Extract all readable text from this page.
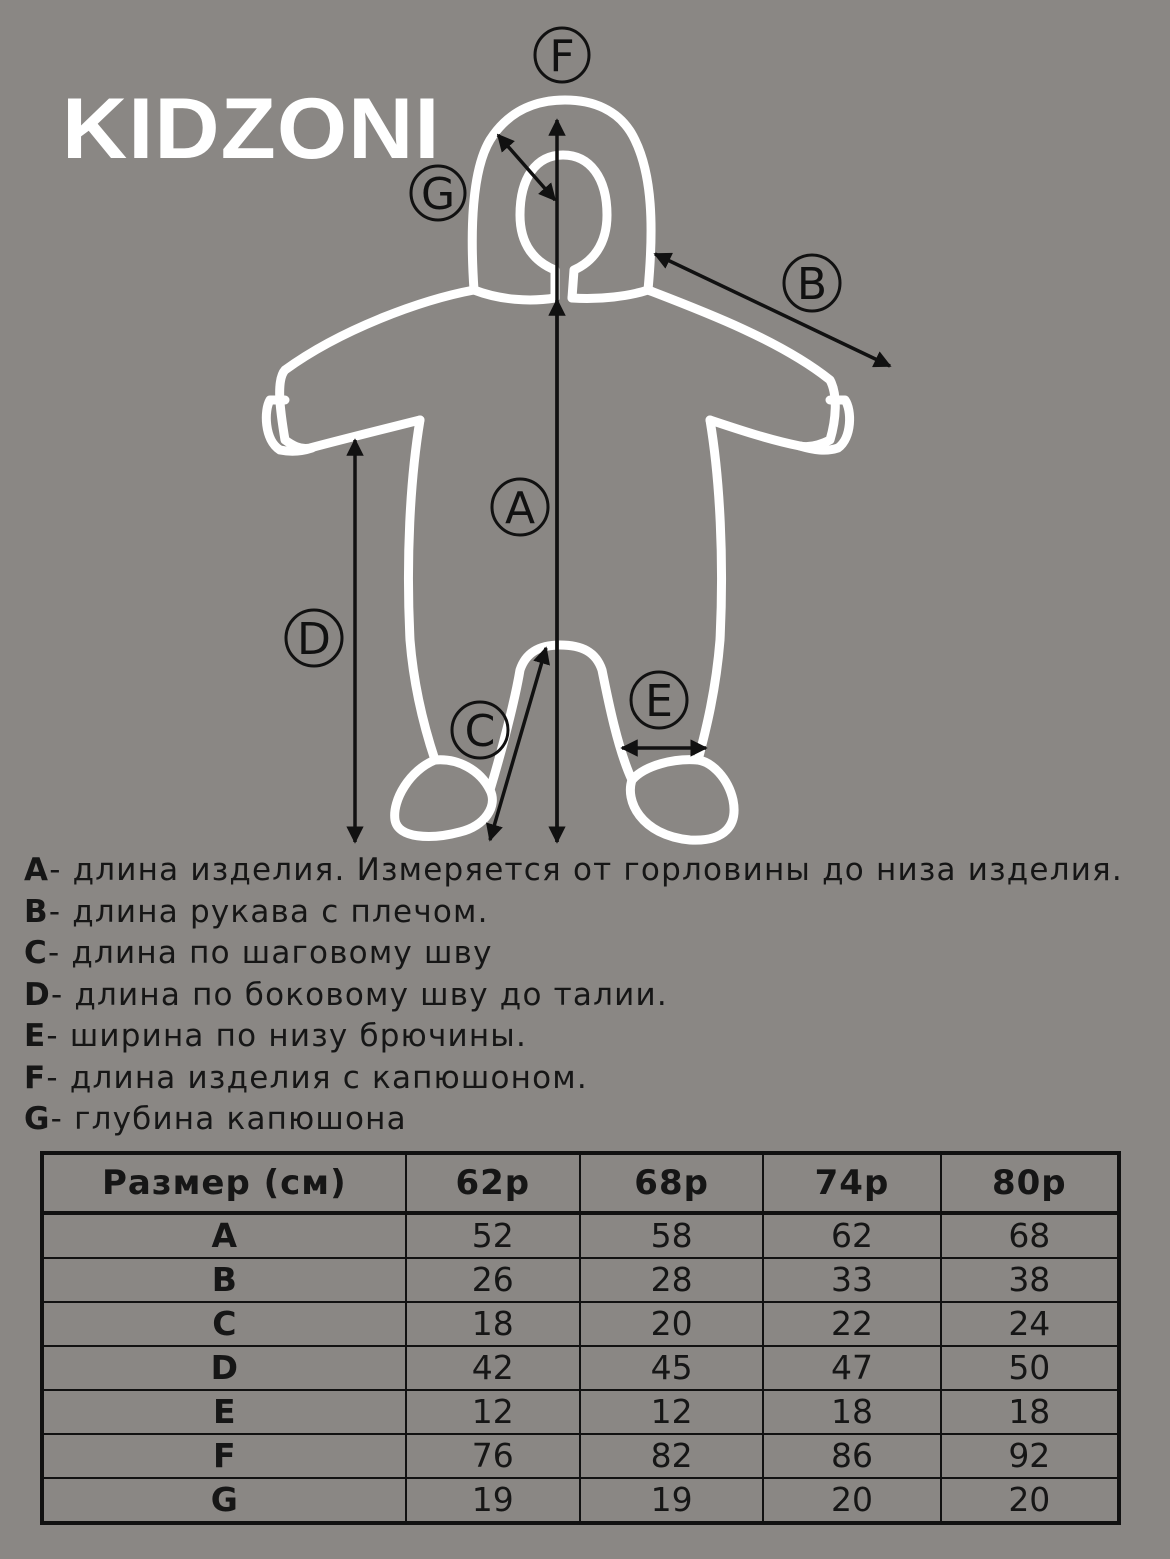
KIDZONI
F
G
B
A
D
E
C
A- длина изделия. Измеряется от горловины до низа изделия.
B- длина рукава с плечом.
C- длина по шаговому шву
D- длина по боковому шву до талии.
E- ширина по низу брючины.
F- длина изделия с капюшоном.
G- глубина капюшона
Размер (см)	62р	68р	74р	80р
A	52	58	62	68
B	26	28	33	38
C	18	20	22	24
D	42	45	47	50
E	12	12	18	18
F	76	82	86	92
G	19	19	20	20
